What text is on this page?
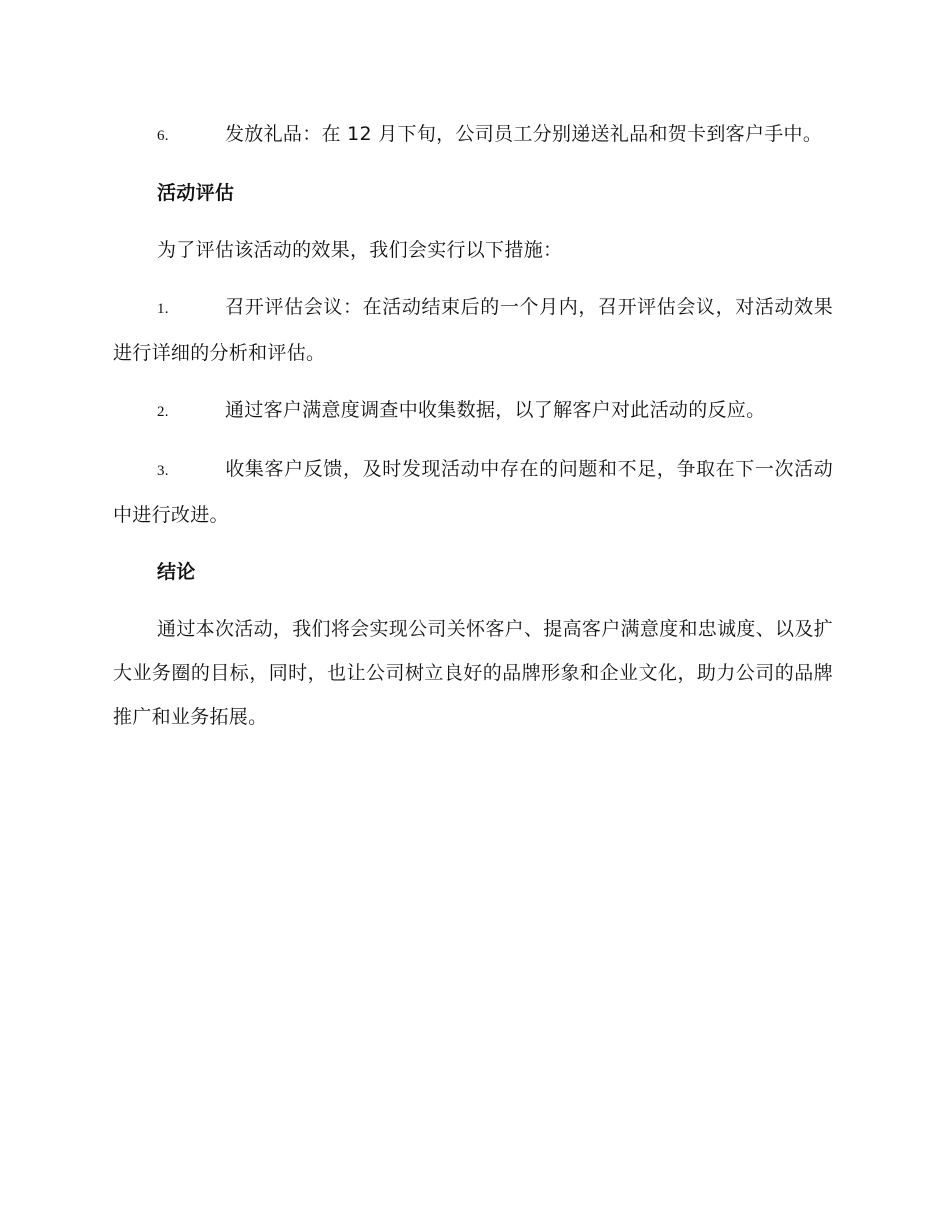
6.	发放礼品：在 12 月下旬，公司员工分别递送礼品和贺卡到客户手中。

活动评估

为了评估该活动的效果，我们会实行以下措施：

1.	召开评估会议：在活动结束后的一个月内，召开评估会议，对活动效果进行详细的分析和评估。

2.	通过客户满意度调查中收集数据，以了解客户对此活动的反应。

3.	收集客户反馈，及时发现活动中存在的问题和不足，争取在下一次活动中进行改进。

结论

通过本次活动，我们将会实现公司关怀客户、提高客户满意度和忠诚度、以及扩大业务圈的目标，同时，也让公司树立良好的品牌形象和企业文化，助力公司的品牌推广和业务拓展。
